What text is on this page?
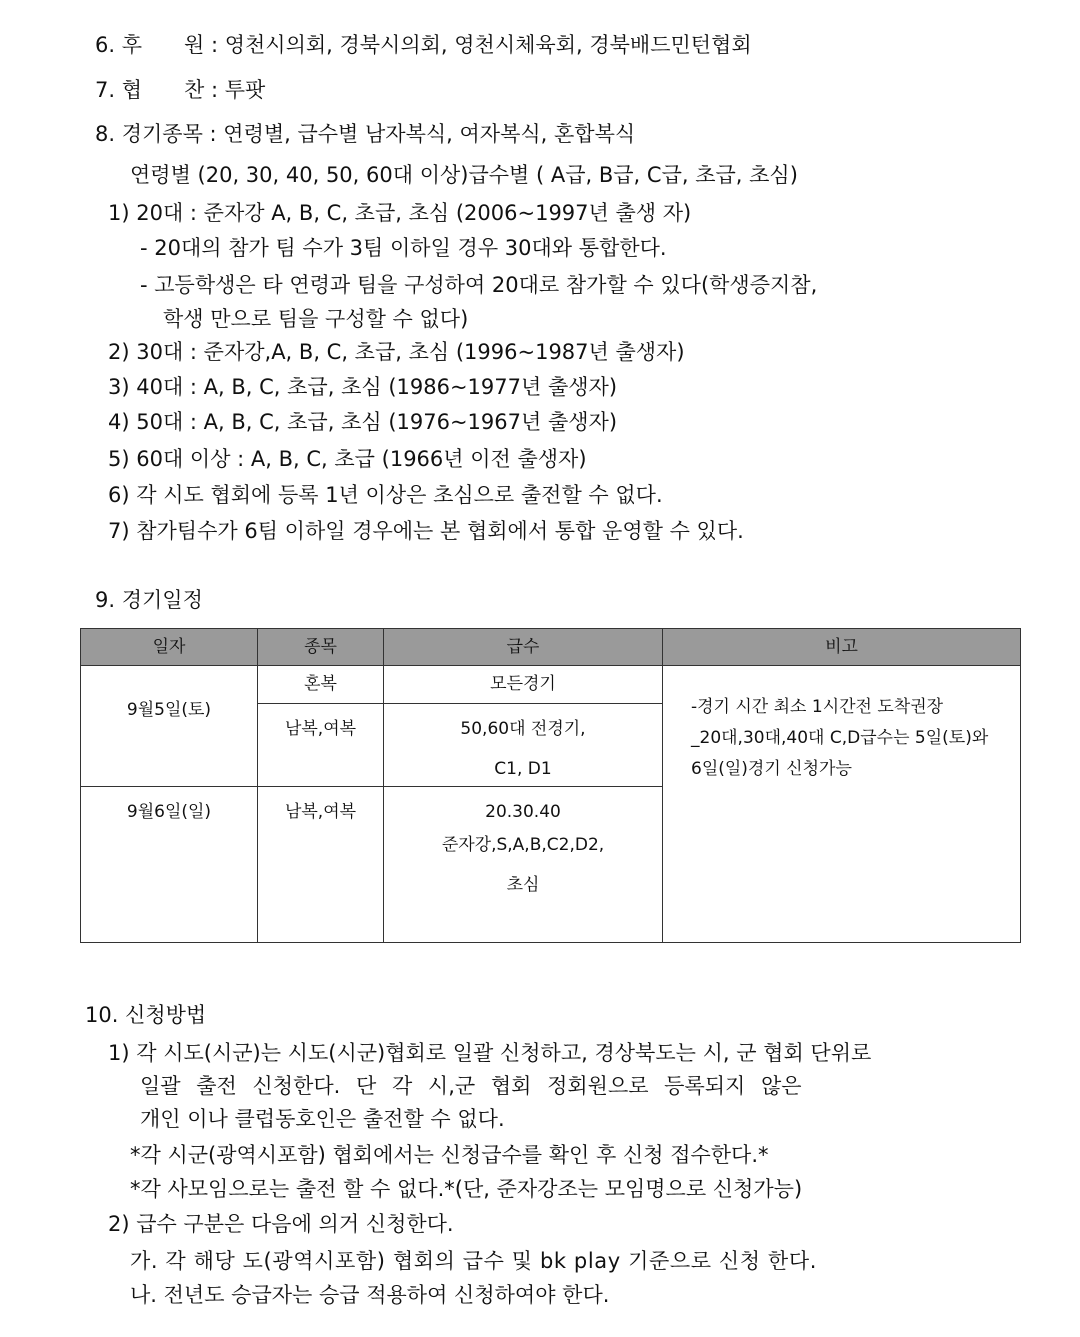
6. 후　　원 : 영천시의회, 경북시의회, 영천시체육회, 경북배드민턴협회
7. 협　　찬 : 투팟
8. 경기종목 : 연령별, 급수별 남자복식, 여자복식, 혼합복식
연령별 (20, 30, 40, 50, 60대 이상)급수별 ( A급, B급, C급, 초급, 초심)
1) 20대 : 준자강 A, B, C, 초급, 초심 (2006~1997년 출생 자)
- 20대의 참가 팀 수가 3팀 이하일 경우 30대와 통합한다.
- 고등학생은 타 연령과 팀을 구성하여 20대로 참가할 수 있다(학생증지참,
학생 만으로 팀을 구성할 수 없다)
2) 30대 : 준자강,A, B, C, 초급, 초심 (1996~1987년 출생자)
3) 40대 : A, B, C, 초급, 초심 (1986~1977년 출생자)
4) 50대 : A, B, C, 초급, 초심 (1976~1967년 출생자)
5) 60대 이상 : A, B, C, 초급 (1966년 이전 출생자)
6) 각 시도 협회에 등록 1년 이상은 초심으로 출전할 수 없다.
7) 참가팀수가 6팀 이하일 경우에는 본 협회에서 통합 운영할 수 있다.
9. 경기일정
일자	종목	급수	비고

9월5일(토)	혼복	모든경기	-경기 시간 최소 1시간전 도착권장
_20대,30대,40대 C,D급수는 5일(토)와
6일(일)경기 신청가능

	남복,여복	50,60대 전경기,
C1, D1	

9월6일(일)	남복,여복	20.30.40
준자강,S,A,B,C2,D2,
초심	
10. 신청방법
1) 각 시도(시군)는 시도(시군)협회로 일괄 신청하고, 경상북도는 시, 군 협회 단위로
일괄 출전 신청한다. 단 각 시,군 협회 정회원으로 등록되지 않은
개인 이나 클럽동호인은 출전할 수 없다.
*각 시군(광역시포함) 협회에서는 신청급수를 확인 후 신청 접수한다.*
*각 사모임으로는 출전 할 수 없다.*(단, 준자강조는 모임명으로 신청가능)
2) 급수 구분은 다음에 의거 신청한다.
가. 각 해당 도(광역시포함) 협회의 급수 및 bk play 기준으로 신청 한다.
나. 전년도 승급자는 승급 적용하여 신청하여야 한다.
